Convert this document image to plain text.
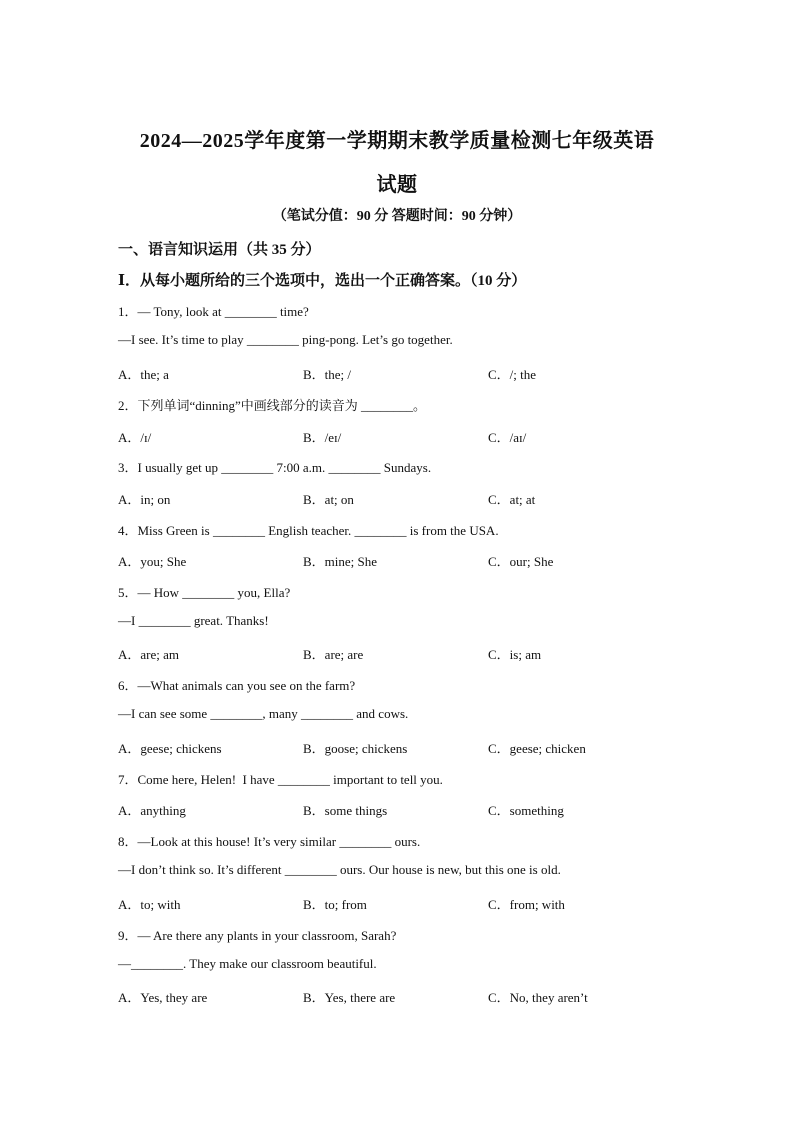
2024—2025学年度第一学期期末教学质量检测七年级英语
试题
（笔试分值：90 分 答题时间：90 分钟）
一、语言知识运用（共 35 分）
Ⅰ．从每小题所给的三个选项中，选出一个正确答案。（10 分）
1．— Tony, look at ________ time?
—I see. It’s time to play ________ ping-pong. Let’s go together.
A．the; a	B．the; /	C．/; the
2．下列单词“dinning”中画线部分的读音为 ________。
A．/ɪ/	B．/eɪ/	C．/aɪ/
3．I usually get up ________ 7:00 a.m. ________ Sundays.
A．in; on	B．at; on	C．at; at
4．Miss Green is ________ English teacher. ________ is from the USA.
A．you; She	B．mine; She	C．our; She
5．— How ________ you, Ella?
—I ________ great. Thanks!
A．are; am	B．are; are	C．is; am
6．—What animals can you see on the farm?
—I can see some ________, many ________ and cows.
A．geese; chickens	B．goose; chickens	C．geese; chicken
7．Come here, Helen!  I have ________ important to tell you.
A．anything	B．some things	C．something
8．—Look at this house! It’s very similar ________ ours.
—I don’t think so. It’s different ________ ours. Our house is new, but this one is old.
A．to; with	B．to; from	C．from; with
9．— Are there any plants in your classroom, Sarah?
—________. They make our classroom beautiful.
A．Yes, they are	B．Yes, there are	C．No, they aren’t
